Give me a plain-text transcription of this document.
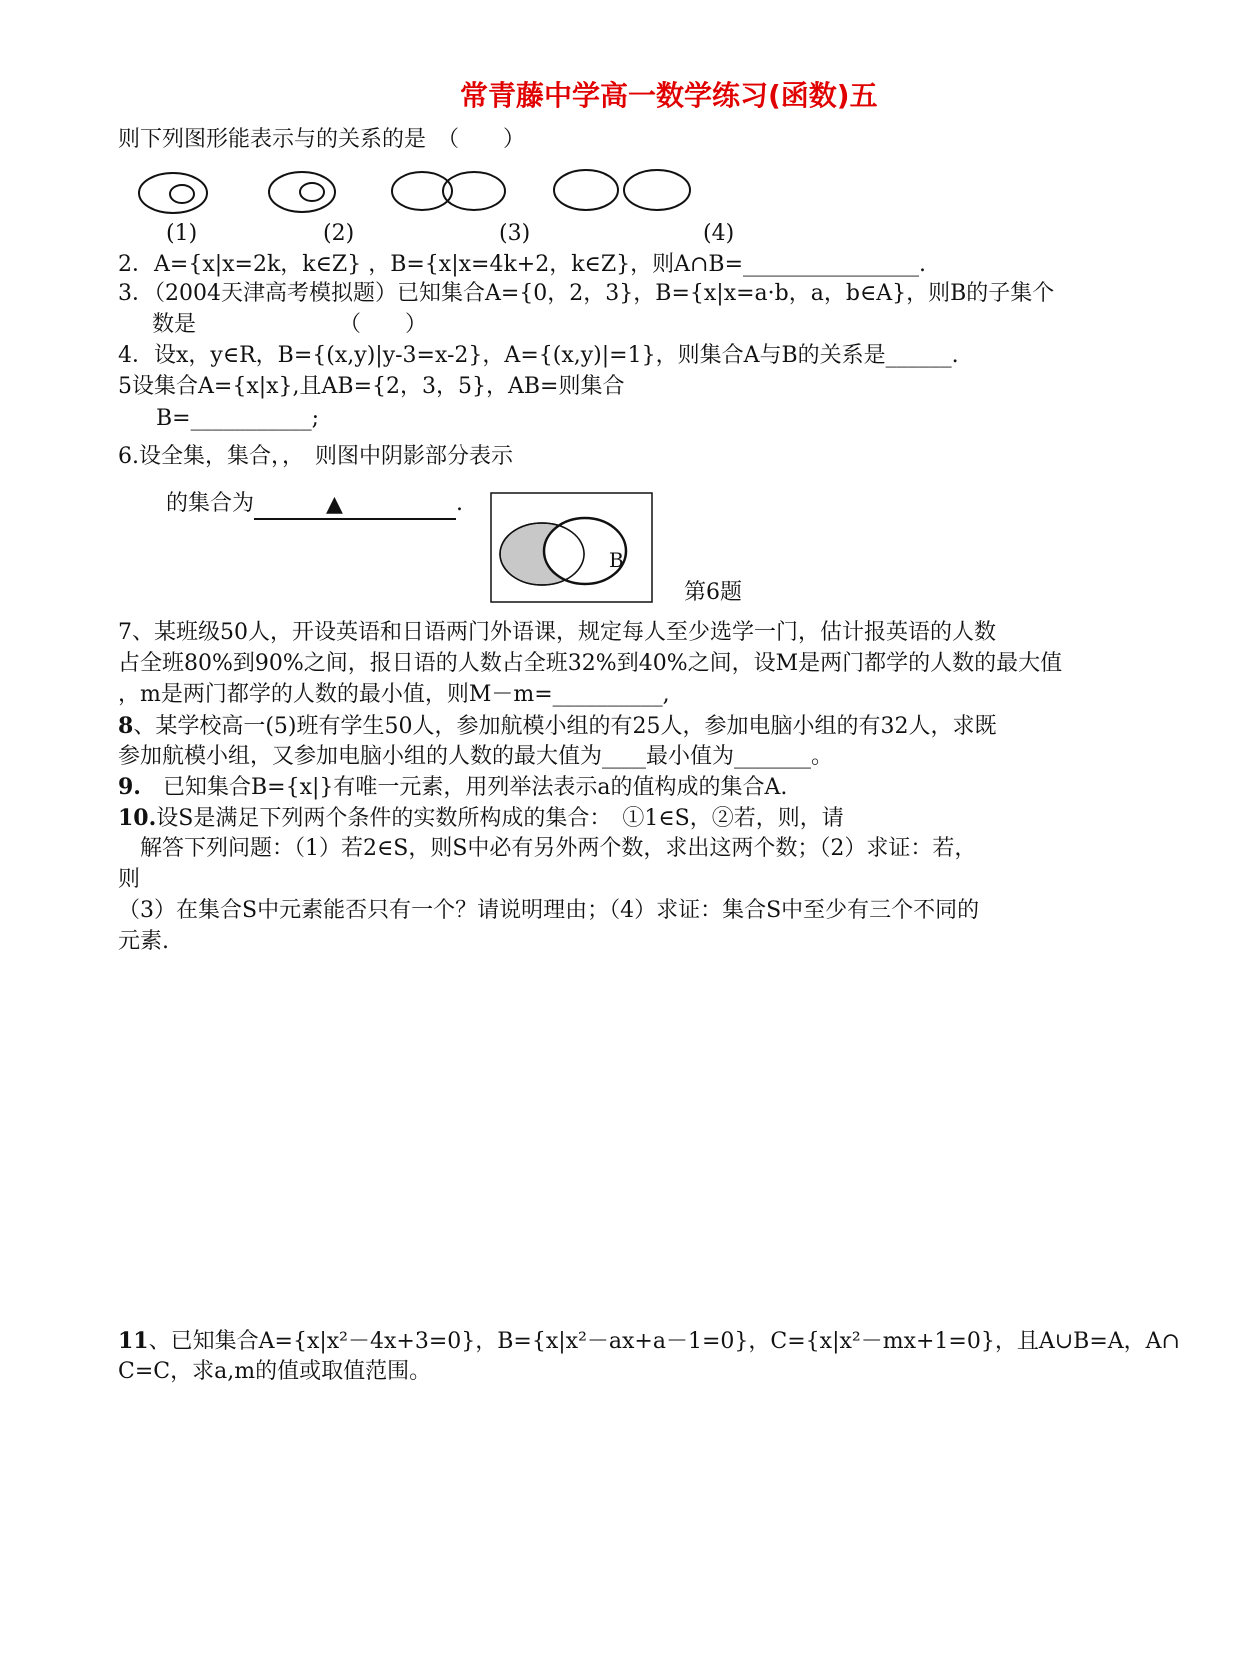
常青藤中学高一数学练习(函数)五
则下列图形能表示与的关系的是　（　　）
(1)	(2)	(3)	(4)
2．A={x|x=2k，k∈Z} ，B={x|x=4k+2，k∈Z}，则A∩B=________________.
3．（2004天津高考模拟题）已知集合A={0，2，3}，B={x|x=a·b，a，b∈A}，则B的子集个
数是　　　　　　　（　　）
4．设x，y∈R，B={(x,y)|y-3=x-2}，A={(x,y)|=1}，则集合A与B的关系是______.
5设集合A={x|x},且AB={2，3，5}，AB=则集合
B=___________;
6.设全集，集合，，　则图中阴影部分表示
的集合为	▲	.
B
第6题
7、某班级50人，开设英语和日语两门外语课，规定每人至少选学一门，估计报英语的人数
占全班80%到90%之间，报日语的人数占全班32%到40%之间，设M是两门都学的人数的最大值
，m是两门都学的人数的最小值，则M－m=__________,
8、某学校高一(5)班有学生50人，参加航模小组的有25人，参加电脑小组的有32人，求既
参加航模小组，又参加电脑小组的人数的最大值为____最小值为_______。
9.　已知集合B={x|}有唯一元素，用列举法表示a的值构成的集合A.
10.设S是满足下列两个条件的实数所构成的集合：　①1∈S，②若，则，请
解答下列问题：（1）若2∈S，则S中必有另外两个数，求出这两个数；（2）求证：若，
则
（3）在集合S中元素能否只有一个？请说明理由；（4）求证：集合S中至少有三个不同的
元素.
11、已知集合A={x|x²－4x+3=0}，B={x|x²－ax+a－1=0}，C={x|x²－mx+1=0}，且A∪B=A，A∩
C=C，求a,m的值或取值范围。
